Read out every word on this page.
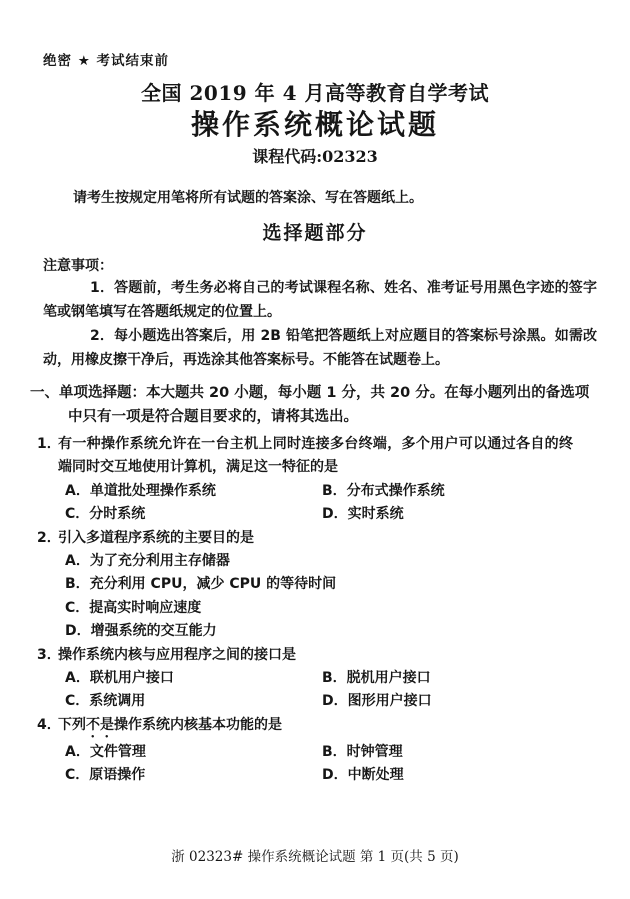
绝密 ★ 考试结束前
全国 2019 年 4 月高等教育自学考试
操作系统概论试题
课程代码:02323
请考生按规定用笔将所有试题的答案涂、写在答题纸上。
选择题部分
注意事项：
1．答题前，考生务必将自己的考试课程名称、姓名、准考证号用黑色字迹的签字笔或钢笔填写在答题纸规定的位置上。
2．每小题选出答案后，用 2B 铅笔把答题纸上对应题目的答案标号涂黑。如需改动，用橡皮擦干净后，再选涂其他答案标号。不能答在试题卷上。
一、单项选择题：本大题共 20 小题，每小题 1 分，共 20 分。在每小题列出的备选项中只有一项是符合题目要求的，请将其选出。
1．
有一种操作系统允许在一台主机上同时连接多台终端，多个用户可以通过各自的终端同时交互地使用计算机，满足这一特征的是
A．单道批处理操作系统	B．分布式操作系统
C．分时系统	D．实时系统
2．
引入多道程序系统的主要目的是
A．为了充分利用主存储器
B．充分利用 CPU，减少 CPU 的等待时间
C．提高实时响应速度
D．增强系统的交互能力
3．
操作系统内核与应用程序之间的接口是
A．联机用户接口	B．脱机用户接口
C．系统调用	D．图形用户接口
4．
下列不是操作系统内核基本功能的是
A．文件管理	B．时钟管理
C．原语操作	D．中断处理
浙 02323# 操作系统概论试题 第 1 页(共 5 页)
